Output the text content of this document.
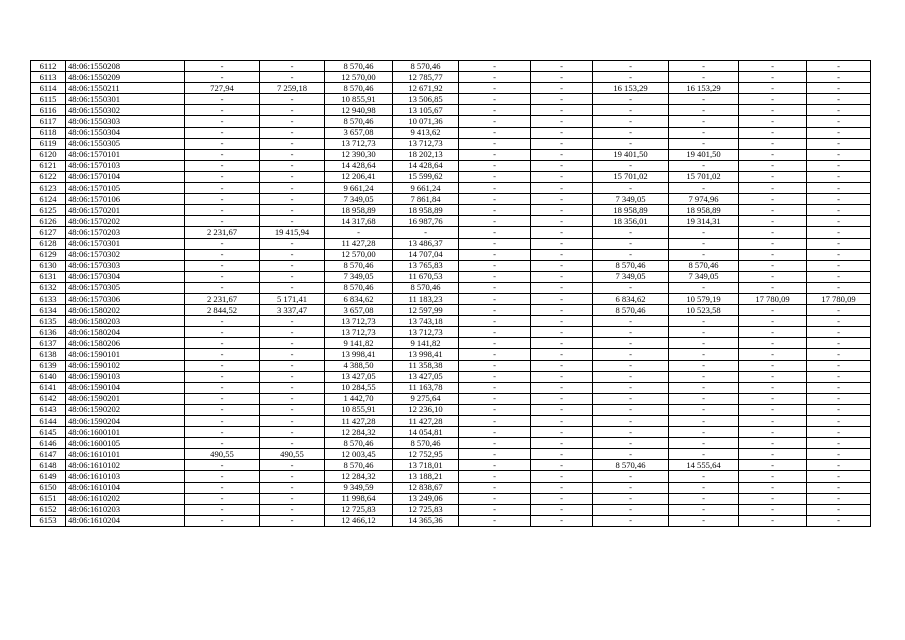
6112	48:06:1550208	-	-	8 570,46	8 570,46	-	-	-	-	-	-
6113	48:06:1550209	-	-	12 570,00	12 785,77	-	-	-	-	-	-
6114	48:06:1550211	727,94	7 259,18	8 570,46	12 671,92	-	-	16 153,29	16 153,29	-	-
6115	48:06:1550301	-	-	10 855,91	13 506,85	-	-	-	-	-	-
6116	48:06:1550302	-	-	12 940,98	13 105,67	-	-	-	-	-	-
6117	48:06:1550303	-	-	8 570,46	10 071,36	-	-	-	-	-	-
6118	48:06:1550304	-	-	3 657,08	9 413,62	-	-	-	-	-	-
6119	48:06:1550305	-	-	13 712,73	13 712,73	-	-	-	-	-	-
6120	48:06:1570101	-	-	12 390,30	18 202,13	-	-	19 401,50	19 401,50	-	-
6121	48:06:1570103	-	-	14 428,64	14 428,64	-	-	-	-	-	-
6122	48:06:1570104	-	-	12 206,41	15 599,62	-	-	15 701,02	15 701,02	-	-
6123	48:06:1570105	-	-	9 661,24	9 661,24	-	-	-	-	-	-
6124	48:06:1570106	-	-	7 349,05	7 861,84	-	-	7 349,05	7 974,96	-	-
6125	48:06:1570201	-	-	18 958,89	18 958,89	-	-	18 958,89	18 958,89	-	-
6126	48:06:1570202	-	-	14 317,68	16 987,76	-	-	18 356,01	19 314,31	-	-
6127	48:06:1570203	2 231,67	19 415,94	-	-	-	-	-	-	-	-
6128	48:06:1570301	-	-	11 427,28	13 486,37	-	-	-	-	-	-
6129	48:06:1570302	-	-	12 570,00	14 707,04	-	-	-	-	-	-
6130	48:06:1570303	-	-	8 570,46	13 765,83	-	-	8 570,46	8 570,46	-	-
6131	48:06:1570304	-	-	7 349,05	11 670,53	-	-	7 349,05	7 349,05	-	-
6132	48:06:1570305	-	-	8 570,46	8 570,46	-	-	-	-	-	-
6133	48:06:1570306	2 231,67	5 171,41	6 834,62	11 183,23	-	-	6 834,62	10 579,19	17 780,09	17 780,09
6134	48:06:1580202	2 844,52	3 337,47	3 657,08	12 597,99	-	-	8 570,46	10 523,58	-	-
6135	48:06:1580203	-	-	13 712,73	13 743,18	-	-	-	-	-	-
6136	48:06:1580204	-	-	13 712,73	13 712,73	-	-	-	-	-	-
6137	48:06:1580206	-	-	9 141,82	9 141,82	-	-	-	-	-	-
6138	48:06:1590101	-	-	13 998,41	13 998,41	-	-	-	-	-	-
6139	48:06:1590102	-	-	4 388,50	11 358,38	-	-	-	-	-	-
6140	48:06:1590103	-	-	13 427,05	13 427,05	-	-	-	-	-	-
6141	48:06:1590104	-	-	10 284,55	11 163,78	-	-	-	-	-	-
6142	48:06:1590201	-	-	1 442,70	9 275,64	-	-	-	-	-	-
6143	48:06:1590202	-	-	10 855,91	12 236,10	-	-	-	-	-	-
6144	48:06:1590204	-	-	11 427,28	11 427,28	-	-	-	-	-	-
6145	48:06:1600101	-	-	12 284,32	14 054,81	-	-	-	-	-	-
6146	48:06:1600105	-	-	8 570,46	8 570,46	-	-	-	-	-	-
6147	48:06:1610101	490,55	490,55	12 003,45	12 752,95	-	-	-	-	-	-
6148	48:06:1610102	-	-	8 570,46	13 718,01	-	-	8 570,46	14 555,64	-	-
6149	48:06:1610103	-	-	12 284,32	13 188,21	-	-	-	-	-	-
6150	48:06:1610104	-	-	9 349,59	12 838,67	-	-	-	-	-	-
6151	48:06:1610202	-	-	11 998,64	13 249,06	-	-	-	-	-	-
6152	48:06:1610203	-	-	12 725,83	12 725,83	-	-	-	-	-	-
6153	48:06:1610204	-	-	12 466,12	14 365,36	-	-	-	-	-	-
